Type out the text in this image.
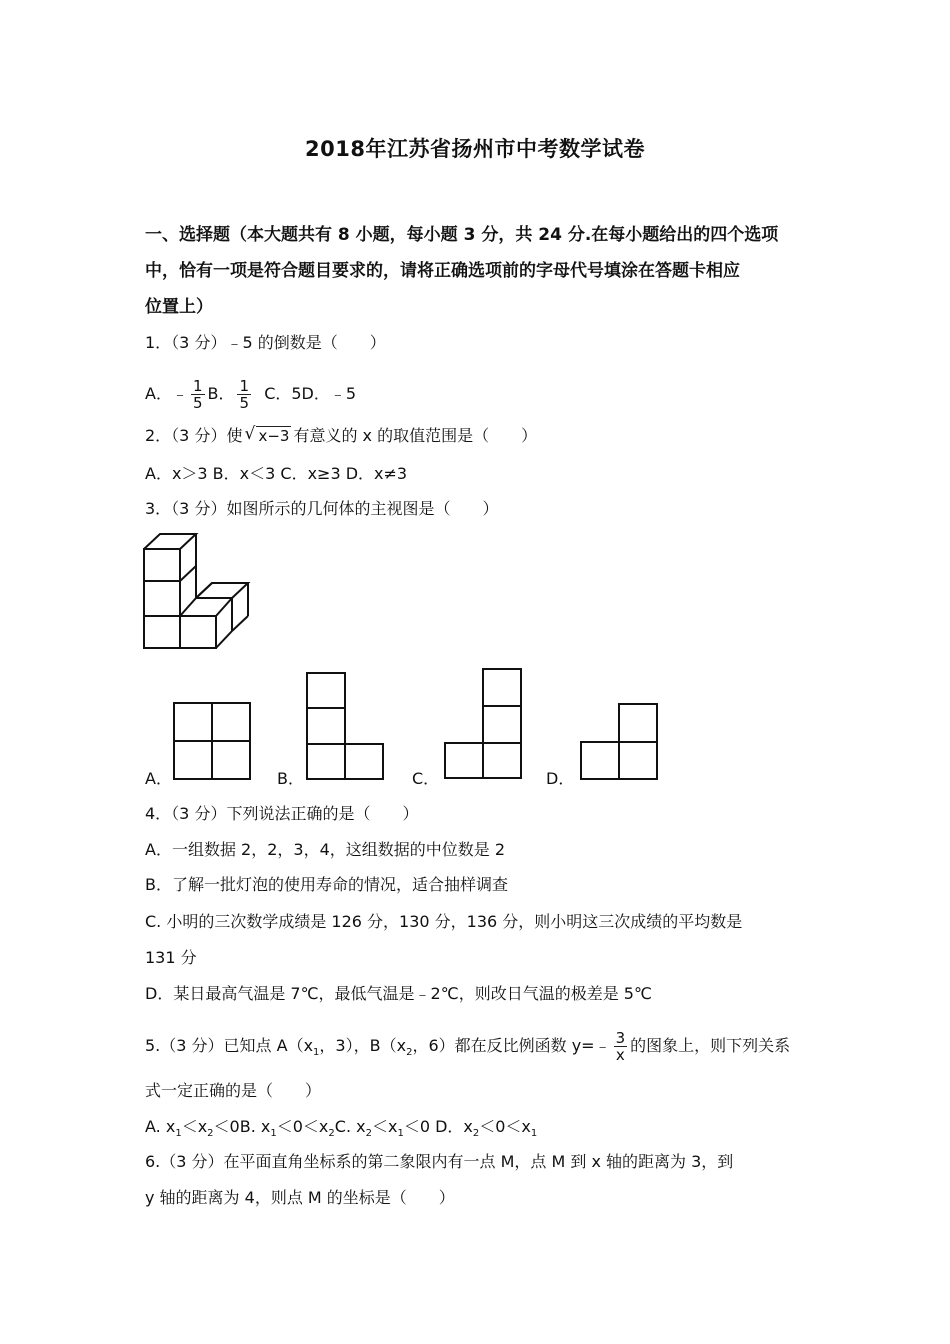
2018年江苏省扬州市中考数学试卷
一、选择题（本大题共有 8 小题，每小题 3 分，共 24 分.在每小题给出的四个选项
中，恰有一项是符合题目要求的，请将正确选项前的字母代号填涂在答题卡相应
位置上）
1．（3 分）﹣5 的倒数是（　　）
A．﹣ $\frac{1}{5}$ B． $\frac{1}{5}$ C．5D．﹣5
2．（3 分）使 √ x−3 有意义的 x 的取值范围是（　　）
A．x＞3 B．x＜3 C．x≥3 D．x≠3
3．（3 分）如图所示的几何体的主视图是（　　）
A．	B．	C．	D．
4．（3 分）下列说法正确的是（　　）
A．一组数据 2，2，3，4，这组数据的中位数是 2
B．了解一批灯泡的使用寿命的情况，适合抽样调查
C. 小明的三次数学成绩是 126 分，130 分，136 分，则小明这三次成绩的平均数是
131 分
D．某日最高气温是 7℃，最低气温是﹣2℃，则改日气温的极差是 5℃
5.（3 分）已知点 $A(x_1$，3），$B(x_2$，6）都在反比例函数 y=﹣ $\frac{3}{x}$ 的图象上，则下列关系
式一定正确的是（　　）
A. $x_1<x_2<0B$. $x_1<0<x_2C$. $x_2<x_1<0$ D．$x_2<0<x_1$
6.（3 分）在平面直角坐标系的第二象限内有一点 M，点 M 到 x 轴的距离为 3，到
y 轴的距离为 4，则点 M 的坐标是（　　）
